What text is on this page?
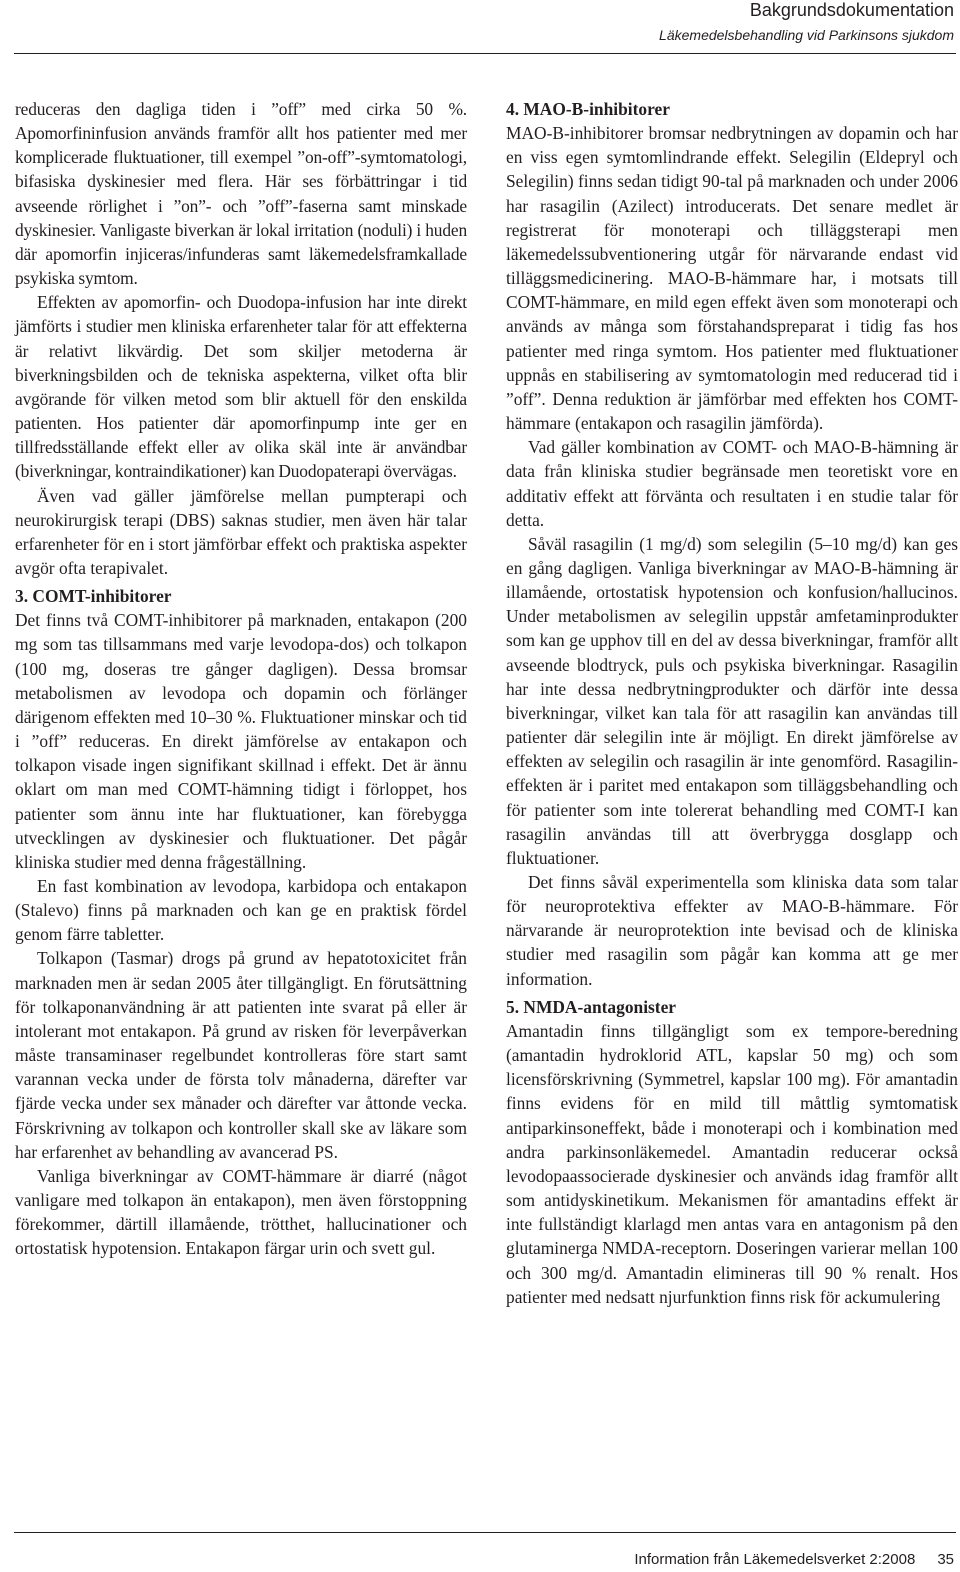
Bakgrundsdokumentation
Läkemedelsbehandling vid Parkinsons sjukdom

reduceras den dagliga tiden i ”off” med cirka 50 %. Apomorfininfusion används framför allt hos patienter med mer komplicerade fluktuationer, till exempel ”on-off”-symtomatologi, bifasiska dyskinesier med flera. Här ses förbättringar i tid avseende rörlighet i ”on”- och ”off”-faserna samt minskade dyskinesier. Vanligaste biverkan är lokal irritation (noduli) i huden där apomorfin injiceras/infunderas samt läkemedelsframkallade psykiska symtom.

Effekten av apomorfin- och Duodopa-infusion har inte direkt jämförts i studier men kliniska erfarenheter talar för att effekterna är relativt likvärdig. Det som skiljer metoderna är biverkningsbilden och de tekniska aspekterna, vilket ofta blir avgörande för vilken metod som blir aktuell för den enskilda patienten. Hos patienter där apomorfinpump inte ger en tillfredsställande effekt eller av olika skäl inte är användbar (biverkningar, kontraindikationer) kan Duodopaterapi övervägas.

Även vad gäller jämförelse mellan pumpterapi och neurokirurgisk terapi (DBS) saknas studier, men även här talar erfarenheter för en i stort jämförbar effekt och praktiska aspekter avgör ofta terapivalet.

3. COMT-inhibitorer

Det finns två COMT-inhibitorer på marknaden, entakapon (200 mg som tas tillsammans med varje levodopa-dos) och tolkapon (100 mg, doseras tre gånger dagligen). Dessa bromsar metabolismen av levodopa och dopamin och förlänger därigenom effekten med 10–30 %. Fluktuationer minskar och tid i ”off” reduceras. En direkt jämförelse av entakapon och tolkapon visade ingen signifikant skillnad i effekt. Det är ännu oklart om man med COMT-hämning tidigt i förloppet, hos patienter som ännu inte har fluktuationer, kan förebygga utvecklingen av dyskinesier och fluktuationer. Det pågår kliniska studier med denna frågeställning.

En fast kombination av levodopa, karbidopa och entakapon (Stalevo) finns på marknaden och kan ge en praktisk fördel genom färre tabletter.

Tolkapon (Tasmar) drogs på grund av hepatotoxicitet från marknaden men är sedan 2005 åter tillgängligt. En förutsättning för tolkaponanvändning är att patienten inte svarat på eller är intolerant mot entakapon. På grund av risken för leverpåverkan måste transaminaser regelbundet kontrolleras före start samt varannan vecka under de första tolv månaderna, därefter var fjärde vecka under sex månader och därefter var åttonde vecka. Förskrivning av tolkapon och kontroller skall ske av läkare som har erfarenhet av behandling av avancerad PS.

Vanliga biverkningar av COMT-hämmare är diarré (något vanligare med tolkapon än entakapon), men även förstoppning förekommer, därtill illamående, trötthet, hallucinationer och ortostatisk hypotension. Entakapon färgar urin och svett gul.

4. MAO-B-inhibitorer

MAO-B-inhibitorer bromsar nedbrytningen av dopamin och har en viss egen symtomlindrande effekt. Selegilin (Eldepryl och Selegilin) finns sedan tidigt 90-tal på marknaden och under 2006 har rasagilin (Azilect) introducerats. Det senare medlet är registrerat för monoterapi och tilläggsterapi men läkemedelssubventionering utgår för närvarande endast vid tilläggsmedicinering. MAO-B-hämmare har, i motsats till COMT-hämmare, en mild egen effekt även som monoterapi och används av många som förstahandspreparat i tidig fas hos patienter med ringa symtom. Hos patienter med fluktuationer uppnås en stabilisering av symtomatologin med reducerad tid i ”off”. Denna reduktion är jämförbar med effekten hos COMT-hämmare (entakapon och rasagilin jämförda).

Vad gäller kombination av COMT- och MAO-B-hämning är data från kliniska studier begränsade men teoretiskt vore en additativ effekt att förvänta och resultaten i en studie talar för detta.

Såväl rasagilin (1 mg/d) som selegilin (5–10 mg/d) kan ges en gång dagligen. Vanliga biverkningar av MAO-B-hämning är illamående, ortostatisk hypotension och konfusion/hallucinos. Under metabolismen av selegilin uppstår amfetaminprodukter som kan ge upphov till en del av dessa biverkningar, framför allt avseende blodtryck, puls och psykiska biverkningar. Rasagilin har inte dessa nedbrytningprodukter och därför inte dessa biverkningar, vilket kan tala för att rasagilin kan användas till patienter där selegilin inte är möjligt. En direkt jämförelse av effekten av selegilin och rasagilin är inte genomförd. Rasagilin-effekten är i paritet med entakapon som tilläggsbehandling och för patienter som inte tolererat behandling med COMT-I kan rasagilin användas till att överbrygga dosglapp och fluktuationer.

Det finns såväl experimentella som kliniska data som talar för neuroprotektiva effekter av MAO-B-hämmare. För närvarande är neuroprotektion inte bevisad och de kliniska studier med rasagilin som pågår kan komma att ge mer information.

5. NMDA-antagonister

Amantadin finns tillgängligt som ex tempore-beredning (amantadin hydroklorid ATL, kapslar 50 mg) och som licensförskrivning (Symmetrel, kapslar 100 mg). För amantadin finns evidens för en mild till måttlig symtomatisk antiparkinsoneffekt, både i monoterapi och i kombination med andra parkinsonläkemedel. Amantadin reducerar också levodopaassocierade dyskinesier och används idag framför allt som antidyskinetikum. Mekanismen för amantadins effekt är inte fullständigt klarlagd men antas vara en antagonism på den glutaminerga NMDA-receptorn. Doseringen varierar mellan 100 och 300 mg/d. Amantadin elimineras till 90 % renalt. Hos patienter med nedsatt njurfunktion finns risk för ackumulering

Information från Läkemedelsverket 2:2008 35
